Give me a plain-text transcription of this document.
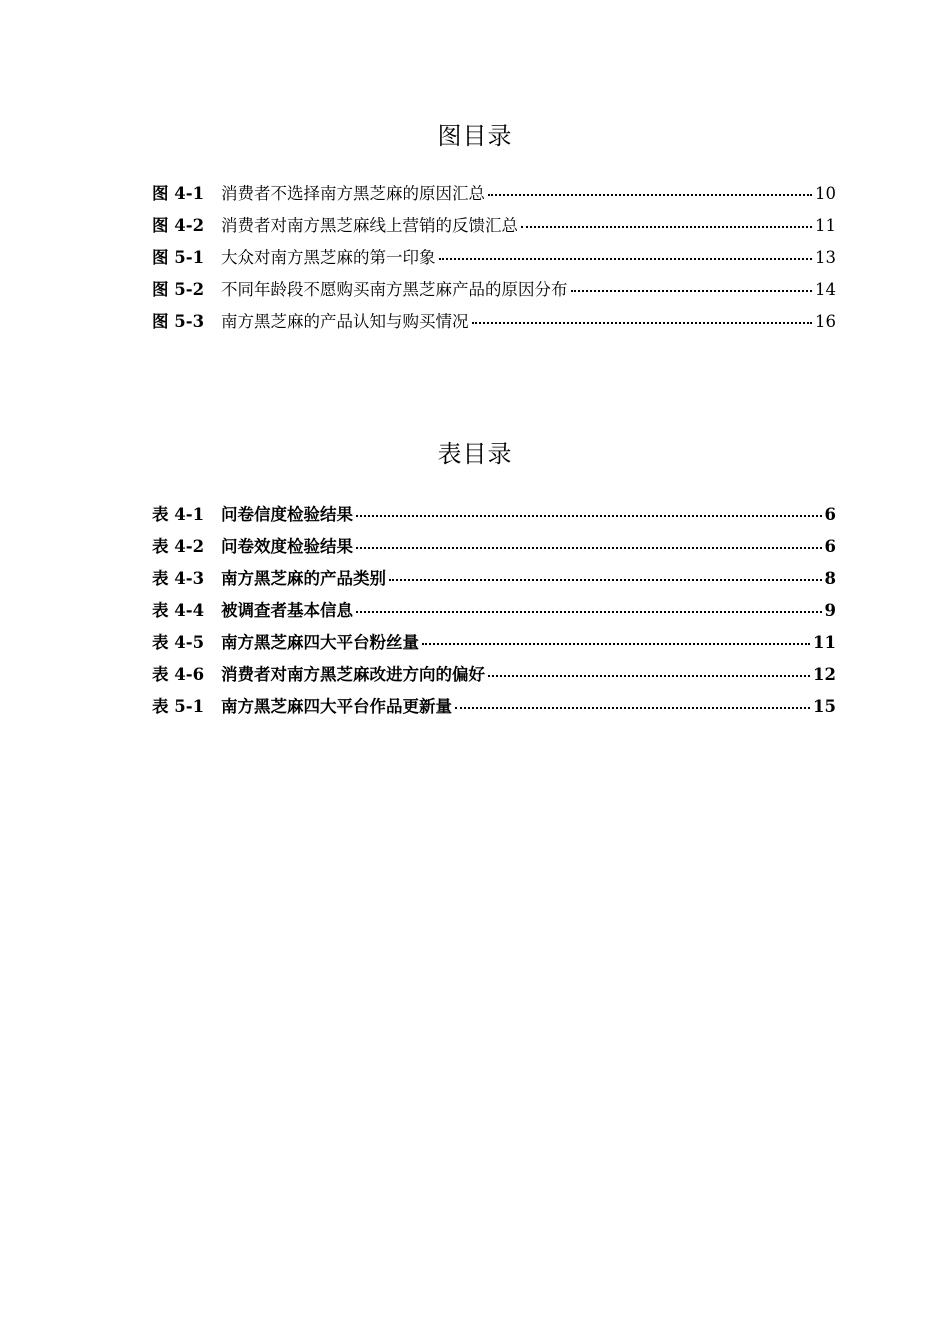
图目录
图 4-1	消费者不选择南方黑芝麻的原因汇总	10
图 4-2	消费者对南方黑芝麻线上营销的反馈汇总	11
图 5-1	大众对南方黑芝麻的第一印象	13
图 5-2	不同年龄段不愿购买南方黑芝麻产品的原因分布	14
图 5-3	南方黑芝麻的产品认知与购买情况	16
表目录
表 4-1	问卷信度检验结果	6
表 4-2	问卷效度检验结果	6
表 4-3	南方黑芝麻的产品类别	8
表 4-4	被调查者基本信息	9
表 4-5	南方黑芝麻四大平台粉丝量	11
表 4-6	消费者对南方黑芝麻改进方向的偏好	12
表 5-1	南方黑芝麻四大平台作品更新量	15
